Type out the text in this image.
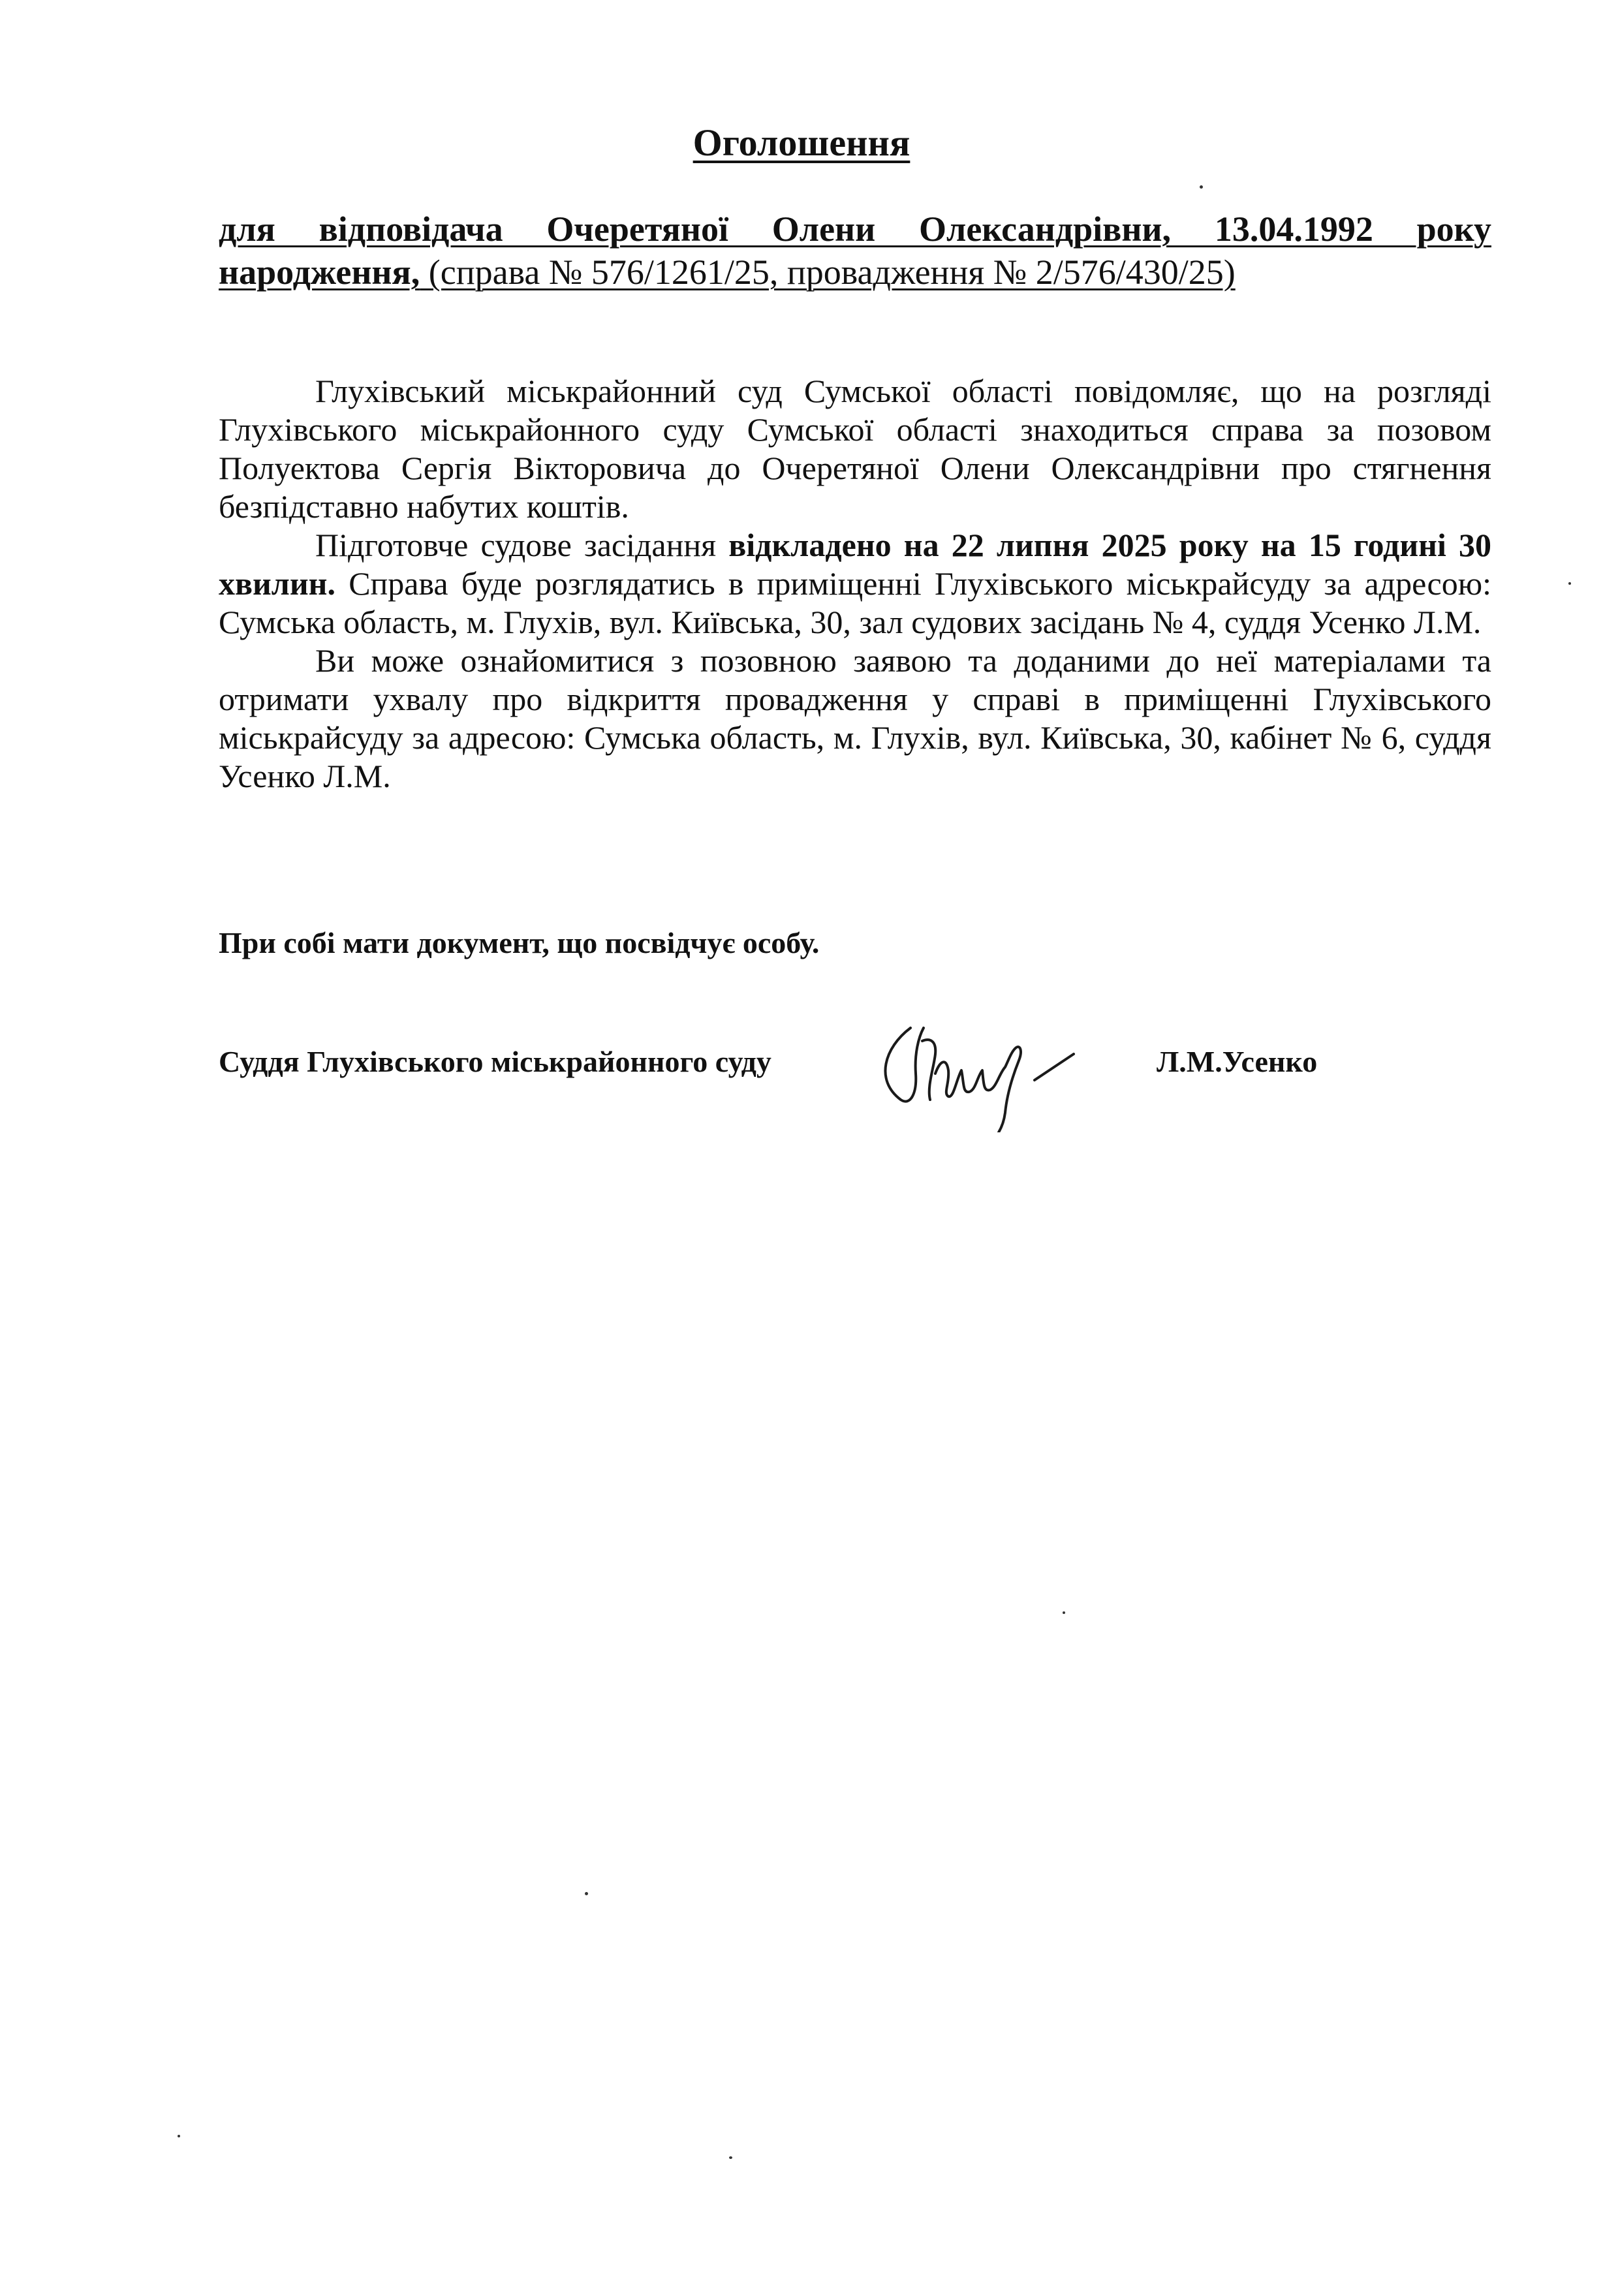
Оголошення
для відповідача Очеретяної Олени Олександрівни, 13.04.1992 року
народження, (справа № 576/1261/25, провадження № 2/576/430/25)

Глухівський міськрайонний суд Сумської області повідомляє, що на розгляді Глухівського міськрайонного суду Сумської області знаходиться справа за позовом Полуектова Сергія Вікторовича до Очеретяної Олени Олександрівни про стягнення безпідставно набутих коштів.

Підготовче судове засідання відкладено на 22 липня 2025 року на 15 годині 30 хвилин. Справа буде розглядатись в приміщенні Глухівського міськрайсуду за адресою: Сумська область, м. Глухів, вул. Київська, 30, зал судових засідань № 4, суддя Усенко Л.М.

Ви може ознайомитися з позовною заявою та доданими до неї матеріалами та отримати ухвалу про відкриття провадження у справі в приміщенні Глухівського міськрайсуду за адресою: Сумська область, м. Глухів, вул. Київська, 30, кабінет № 6, суддя Усенко Л.М.

При собі мати документ, що посвідчує особу.
Суддя Глухівського міськрайонного суду	Л.М.Усенко
